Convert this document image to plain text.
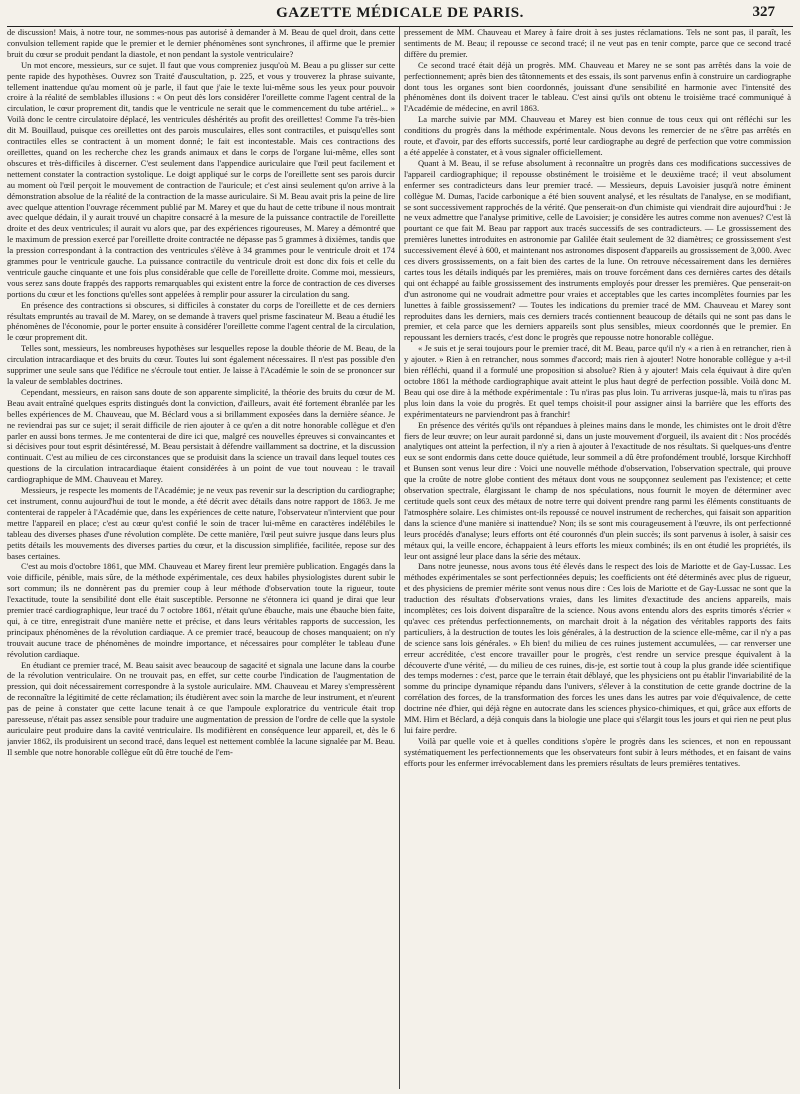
GAZETTE MÉDICALE DE PARIS.	327

de discussion! Mais, à notre tour, ne sommes-nous pas autorisé à demander à M. Beau de quel droit, dans cette convulsion tellement rapide que le premier et le dernier phénomènes sont synchrones, il affirme que le premier bruit du cœur se produit pendant la diastole, et non pendant la systole ventriculaire?

Un mot encore, messieurs, sur ce sujet. Il faut que vous compreniez jusqu'où M. Beau a pu glisser sur cette pente rapide des hypothèses. Ouvrez son Traité d'auscultation, p. 225, et vous y trouverez la phrase suivante, tellement inattendue qu'au moment où je parle, il faut que j'aie le texte lui-même sous les yeux pour pouvoir croire à la réalité de semblables illusions : « On peut dès lors considérer l'oreillette comme l'agent central de la circulation, le cœur proprement dit, tandis que le ventricule ne serait que le commencement du tube artériel... » Voilà donc le centre circulatoire déplacé, les ventricules déshérités au profit des oreillettes! Comme l'a très-bien dit M. Bouillaud, puisque ces oreillettes ont des parois musculaires, elles sont contractiles, et puisqu'elles sont contractiles elles se contractent à un moment donné; le fait est incontestable. Mais ces contractions des oreillettes, quand on les recherche chez les grands animaux et dans le corps de l'organe lui-même, elles sont obscures et très-difficiles à discerner. C'est seulement dans l'appendice auriculaire que l'œil peut facilement et nettement constater la contraction systolique. Le doigt appliqué sur le corps de l'oreillette sent ses parois durcir au moment où l'œil perçoit le mouvement de contraction de l'auricule; et c'est ainsi seulement qu'on arrive à la démonstration absolue de la réalité de la contraction de la masse auriculaire. Si M. Beau avait pris la peine de lire avec quelque attention l'ouvrage récemment publié par M. Marey et que du haut de cette tribune il nous montrait avec quelque dédain, il y aurait trouvé un chapitre consacré à la mesure de la puissance contractile de l'oreillette droite et des deux ventricules; il aurait vu alors que, par des expériences rigoureuses, M. Marey a démontré que le maximum de pression exercé par l'oreillette droite contractée ne dépasse pas 5 grammes à dixièmes, tandis que la pression correspondant à la contraction des ventricules s'élève à 34 grammes pour le ventricule droit et 174 grammes pour le ventricule gauche. La puissance contractile du ventricule droit est donc dix fois et celle du ventricule gauche cinquante et une fois plus considérable que celle de l'oreillette droite. Comme moi, messieurs, vous serez sans doute frappés des rapports remarquables qui existent entre la force de contraction de ces diverses portions du cœur et les fonctions qu'elles sont appelées à remplir pour assurer la circulation du sang.

En présence des contractions si obscures, si difficiles à constater du corps de l'oreillette et de ces derniers résultats empruntés au travail de M. Marey, on se demande à travers quel prisme fascinateur M. Beau a étudié les phénomènes de l'économie, pour le porter ensuite à considérer l'oreillette comme l'agent central de la circulation, le cœur proprement dit.

Telles sont, messieurs, les nombreuses hypothèses sur lesquelles repose la double théorie de M. Beau, de la circulation intracardiaque et des bruits du cœur. Toutes lui sont également nécessaires. Il n'est pas possible d'en supprimer une seule sans que l'édifice ne s'écroule tout entier. Je laisse à l'Académie le soin de se prononcer sur la valeur de semblables doctrines.

Cependant, messieurs, en raison sans doute de son apparente simplicité, la théorie des bruits du cœur de M. Beau avait entraîné quelques esprits distingués dont la conviction, d'ailleurs, avait été fortement ébranlée par les belles expériences de M. Chauveau, que M. Béclard vous a si brillamment exposées dans la dernière séance. Je ne reviendrai pas sur ce sujet; il serait difficile de rien ajouter à ce qu'en a dit notre honorable collègue et d'en parler en aussi bons termes. Je me contenterai de dire ici que, malgré ces nouvelles épreuves si convaincantes et si décisives pour tout esprit désintéressé, M. Beau persistait à défendre vaillamment sa doctrine, et la discussion continuait. C'est au milieu de ces circonstances que se produisit dans la science un travail dans lequel toutes ces questions de la circulation intracardiaque étaient considérées à un point de vue tout nouveau : le travail cardiographique de MM. Chauveau et Marey.

Messieurs, je respecte les moments de l'Académie; je ne veux pas revenir sur la description du cardiographe; cet instrument, connu aujourd'hui de tout le monde, a été décrit avec détails dans notre rapport de 1863. Je me contenterai de rappeler à l'Académie que, dans les expériences de cette nature, l'observateur n'intervient que pour mettre l'appareil en place; c'est au cœur qu'est confié le soin de tracer lui-même en caractères indélébiles le tableau des diverses phases d'une révolution complète. De cette manière, l'œil peut suivre jusque dans leurs plus petits détails les mouvements des diverses parties du cœur, et la discussion simplifiée, facilitée, repose sur des bases certaines.

C'est au mois d'octobre 1861, que MM. Chauveau et Marey firent leur première publication. Engagés dans la voie difficile, pénible, mais sûre, de la méthode expérimentale, ces deux habiles physiologistes durent subir le sort commun; ils ne donnèrent pas du premier coup à leur méthode d'observation toute la rigueur, toute l'exactitude, toute la sensibilité dont elle était susceptible. Personne ne s'étonnera ici quand je dirai que leur premier tracé cardiographique, leur tracé du 7 octobre 1861, n'était qu'une ébauche, mais une ébauche bien faite, qui, à ce titre, enregistrait d'une manière nette et précise, et dans leurs véritables rapports de succession, les principaux phénomènes de la révolution cardiaque. A ce premier tracé, beaucoup de choses manquaient; on n'y trouvait aucune trace de phénomènes de moindre importance, et nécessaires pour compléter le tableau d'une révolution cardiaque.

En étudiant ce premier tracé, M. Beau saisit avec beaucoup de sagacité et signala une lacune dans la courbe de la révolution ventriculaire. On ne trouvait pas, en effet, sur cette courbe l'indication de l'augmentation de pression, qui doit nécessairement correspondre à la systole auriculaire. MM. Chauveau et Marey s'empressèrent de reconnaître la légitimité de cette réclamation; ils étudièrent avec soin la marche de leur instrument, et n'eurent pas de peine à constater que cette lacune tenait à ce que l'ampoule exploratrice du ventricule était trop paresseuse, n'était pas assez sensible pour traduire une augmentation de pression de l'ordre de celle que la systole auriculaire peut produire dans la cavité ventriculaire. Ils modifièrent en conséquence leur appareil, et, dès le 6 janvier 1862, ils produisirent un second tracé, dans lequel est nettement comblée la lacune signalée par M. Beau. Il semble que notre honorable collègue eût dû être touché de l'em-

pressement de MM. Chauveau et Marey à faire droit à ses justes réclamations. Tels ne sont pas, il paraît, les sentiments de M. Beau; il repousse ce second tracé; il ne veut pas en tenir compte, parce que ce second tracé diffère du premier.

Ce second tracé était déjà un progrès. MM. Chauveau et Marey ne se sont pas arrêtés dans la voie de perfectionnement; après bien des tâtonnements et des essais, ils sont parvenus enfin à construire un cardiographe dont tous les organes sont bien coordonnés, jouissant d'une sensibilité en harmonie avec l'intensité des phénomènes dont ils doivent tracer le tableau. C'est ainsi qu'ils ont obtenu le troisième tracé communiqué à l'Académie de médecine, en avril 1863.

La marche suivie par MM. Chauveau et Marey est bien connue de tous ceux qui ont réfléchi sur les conditions du progrès dans la méthode expérimentale. Nous devons les remercier de ne s'être pas arrêtés en route, et d'avoir, par des efforts successifs, porté leur cardiographe au degré de perfection que votre commission a été appelée à constater, et à vous signaler officiellement.

Quant à M. Beau, il se refuse absolument à reconnaître un progrès dans ces modifications successives de l'appareil cardiographique; il repousse obstinément le troisième et le deuxième tracé; il veut absolument enfermer ses contradicteurs dans leur premier tracé. — Messieurs, depuis Lavoisier jusqu'à notre éminent collègue M. Dumas, l'acide carbonique a été bien souvent analysé, et les résultats de l'analyse, en se modifiant, se sont successivement rapprochés de la vérité. Que penserait-on d'un chimiste qui viendrait dire aujourd'hui : Je ne veux admettre que l'analyse primitive, celle de Lavoisier; je considère les autres comme non avenues? C'est là pourtant ce que fait M. Beau par rapport aux tracés successifs de ses contradicteurs. — Le grossissement des premières lunettes introduites en astronomie par Galilée était seulement de 32 diamètres; ce grossissement s'est successivement élevé à 600, et maintenant nos astronomes disposent d'appareils au grossissement de 3,000. Avec ces divers grossissements, on a fait bien des cartes de la lune. On retrouve nécessairement dans les dernières cartes tous les détails indiqués par les premières, mais on trouve forcément dans ces dernières cartes des détails qui ont échappé au faible grossissement des instruments employés pour dresser les premières. Que penserait-on d'un astronome qui ne voudrait admettre pour vraies et acceptables que les cartes incomplètes fournies par les lunettes à faible grossissement? — Toutes les indications du premier tracé de MM. Chauveau et Marey sont reproduites dans les derniers, mais ces derniers tracés contiennent beaucoup de détails qui ne sont pas dans le premier, et cela parce que les derniers appareils sont plus sensibles, mieux coordonnés que le premier. En repoussant les derniers tracés, c'est donc le progrès que repousse notre honorable collègue.

« Je suis et je serai toujours pour le premier tracé, dit M. Beau, parce qu'il n'y « a rien à en retrancher, rien à y ajouter. » Rien à en retrancher, nous sommes d'accord; mais rien à ajouter! Notre honorable collègue y a-t-il bien réfléchi, quand il a formulé une proposition si absolue? Rien à y ajouter! Mais cela équivaut à dire qu'en octobre 1861 la méthode cardiographique avait atteint le plus haut degré de perfection possible. Voilà donc M. Beau qui ose dire à la méthode expérimentale : Tu n'iras pas plus loin. Tu arriveras jusque-là, mais tu n'iras pas plus loin dans la voie du progrès. Et quel temps choisit-il pour assigner ainsi la barrière que les efforts des expérimentateurs ne parviendront pas à franchir!

En présence des vérités qu'ils ont répandues à pleines mains dans le monde, les chimistes ont le droit d'être fiers de leur œuvre; on leur aurait pardonné si, dans un juste mouvement d'orgueil, ils avaient dit : Nos procédés analytiques ont atteint la perfection, il n'y a rien à ajouter à l'exactitude de nos résultats. Si quelques-uns d'entre eux se sont endormis dans cette douce quiétude, leur sommeil a dû être profondément troublé, lorsque Kirchhoff et Bunsen sont venus leur dire : Voici une nouvelle méthode d'observation, l'observation spectrale, qui prouve que la croûte de notre globe contient des métaux dont vous ne soupçonnez seulement pas l'existence; et cette observation spectrale, élargissant le champ de nos spéculations, nous fournit le moyen de déterminer avec certitude quels sont ceux des métaux de notre terre qui doivent prendre rang parmi les éléments constituants de l'atmosphère solaire. Les chimistes ont-ils repoussé ce nouvel instrument de recherches, qui faisait son apparition dans la science d'une manière si inattendue? Non; ils se sont mis courageusement à l'œuvre, ils ont perfectionné leurs procédés d'analyse; leurs efforts ont été couronnés d'un plein succès; ils sont parvenus à isoler, à saisir ces métaux qui, la veille encore, échappaient à leurs efforts les mieux combinés; ils en ont étudié les propriétés, ils leur ont assigné leur place dans la série des métaux.

Dans notre jeunesse, nous avons tous été élevés dans le respect des lois de Mariotte et de Gay-Lussac. Les méthodes expérimentales se sont perfectionnées depuis; les coefficients ont été déterminés avec plus de rigueur, et des physiciens de premier mérite sont venus nous dire : Ces lois de Mariotte et de Gay-Lussac ne sont que la traduction des résultats d'observations vraies, dans les limites d'exactitude des anciens appareils, mais incomplètes; ces lois doivent disparaître de la science. Nous avons entendu alors des esprits timorés s'écrier « qu'avec ces prétendus perfectionnements, on marchait droit à la négation des véritables rapports des faits particuliers, à la destruction de toutes les lois générales, à la destruction de la science elle-même, car il n'y a pas de science sans lois générales. » Eh bien! du milieu de ces ruines justement accumulées, — car renverser une erreur accréditée, c'est encore travailler pour le progrès, c'est rendre un service presque équivalent à la découverte d'une vérité, — du milieu de ces ruines, dis-je, est sortie tout à coup la plus grande idée scientifique des temps modernes : c'est, parce que le terrain était déblayé, que les physiciens ont pu établir l'invariabilité de la somme du principe dynamique répandu dans l'univers, s'élever à la constitution de cette grande doctrine de la corrélation des forces, de la transformation des forces les unes dans les autres par voie d'équivalence, de cette doctrine née d'hier, qui déjà règne en autocrate dans les sciences physico-chimiques, et qui, grâce aux efforts de MM. Hirn et Béclard, a déjà conquis dans la biologie une place qui s'élargit tous les jours et qui rien ne peut plus lui faire perdre.

Voilà par quelle voie et à quelles conditions s'opère le progrès dans les sciences, et non en repoussant systématiquement les perfectionnements que les observateurs font subir à leurs méthodes, et en faisant de vains efforts pour les enfermer irrévocablement dans les premiers résultats de leurs premières tentatives.
